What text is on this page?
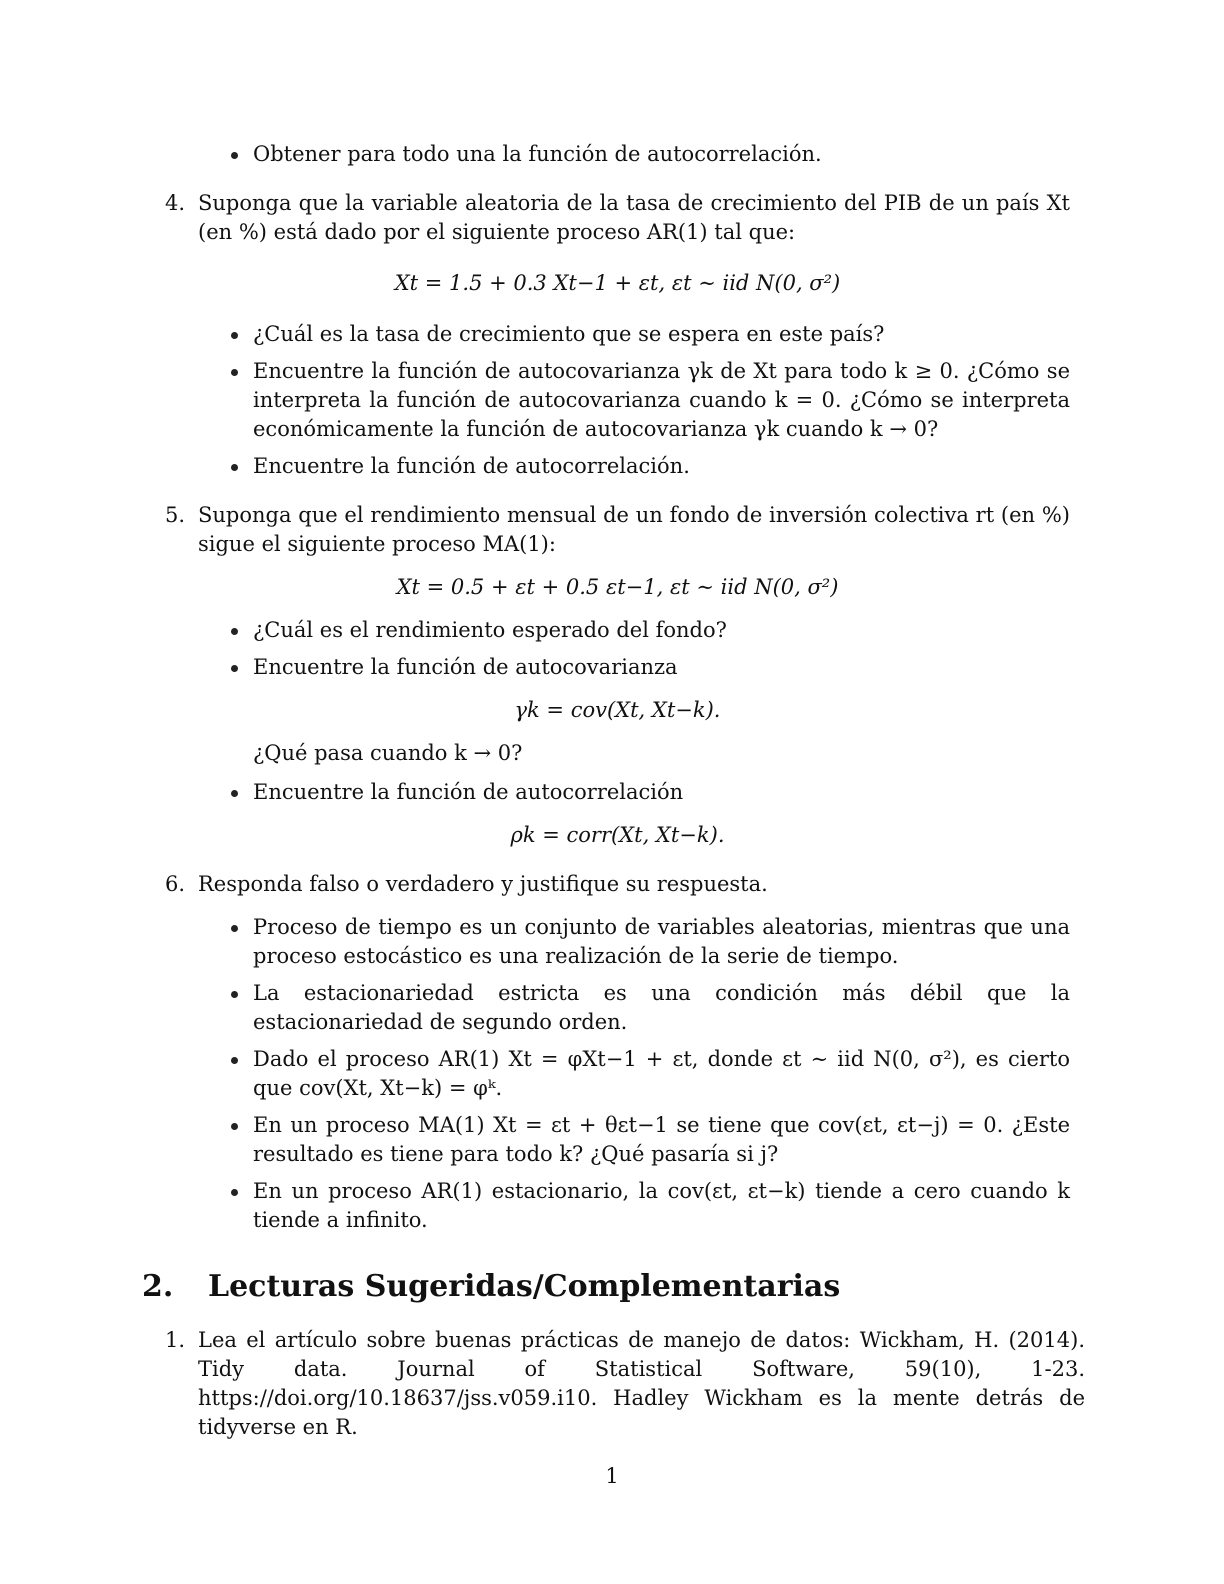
Obtener para todo una la función de autocorrelación.
4. Suponga que la variable aleatoria de la tasa de crecimiento del PIB de un país Xt (en %) está dado por el siguiente proceso AR(1) tal que:
Xt = 1.5 + 0.3 Xt−1 + εt, εt ∼ iid N(0, σ²)
¿Cuál es la tasa de crecimiento que se espera en este país?
Encuentre la función de autocovarianza γk de Xt para todo k ≥ 0. ¿Cómo se interpreta la función de autocovarianza cuando k = 0. ¿Cómo se interpreta económicamente la función de autocovarianza γk cuando k → 0?
Encuentre la función de autocorrelación.
5. Suponga que el rendimiento mensual de un fondo de inversión colectiva rt (en %) sigue el siguiente proceso MA(1):
Xt = 0.5 + εt + 0.5 εt−1, εt ∼ iid N(0, σ²)
¿Cuál es el rendimiento esperado del fondo?
Encuentre la función de autocovarianza
γk = cov(Xt, Xt−k).
¿Qué pasa cuando k → 0?
Encuentre la función de autocorrelación
ρk = corr(Xt, Xt−k).
6. Responda falso o verdadero y justifique su respuesta.
Proceso de tiempo es un conjunto de variables aleatorias, mientras que una proceso estocástico es una realización de la serie de tiempo.
La estacionariedad estricta es una condición más débil que la estacionariedad de segundo orden.
Dado el proceso AR(1) Xt = φXt−1 + εt, donde εt ∼ iid N(0, σ²), es cierto que cov(Xt, Xt−k) = φᵏ.
En un proceso MA(1) Xt = εt + θεt−1 se tiene que cov(εt, εt−j) = 0. ¿Este resultado es tiene para todo k? ¿Qué pasaría si j?
En un proceso AR(1) estacionario, la cov(εt, εt−k) tiende a cero cuando k tiende a infinito.
2. Lecturas Sugeridas/Complementarias
1. Lea el artículo sobre buenas prácticas de manejo de datos: Wickham, H. (2014). Tidy data. Journal of Statistical Software, 59(10), 1-23. https://doi.org/10.18637/jss.v059.i10. Hadley Wickham es la mente detrás de tidyverse en R.
1
